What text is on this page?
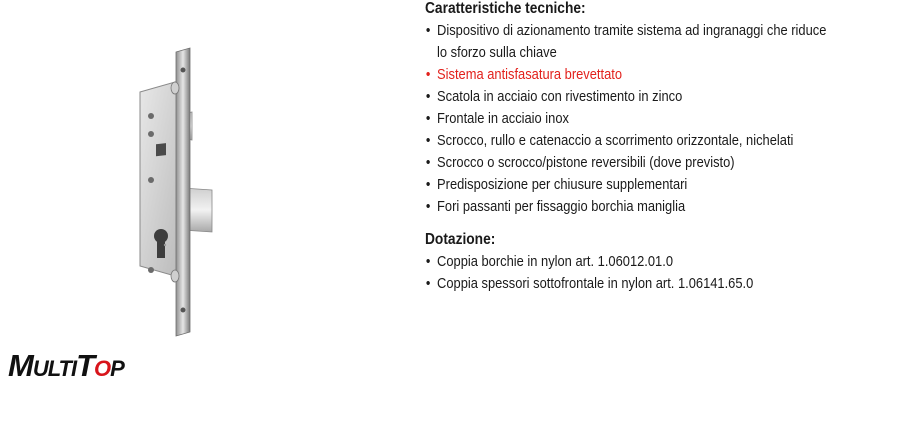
MULTITOP
Caratteristiche tecniche:
• Dispositivo di azionamento tramite sistema ad ingranaggi che riduce lo sforzo sulla chiave
• Sistema antisfasatura brevettato
• Scatola in acciaio con rivestimento in zinco
• Frontale in acciaio inox
• Scrocco, rullo e catenaccio a scorrimento orizzontale, nichelati
• Scrocco o scrocco/pistone reversibili (dove previsto)
• Predisposizione per chiusure supplementari
• Fori passanti per fissaggio borchia maniglia
Dotazione:
• Coppia borchie in nylon art. 1.06012.01.0
• Coppia spessori sottofrontale in nylon art. 1.06141.65.0
